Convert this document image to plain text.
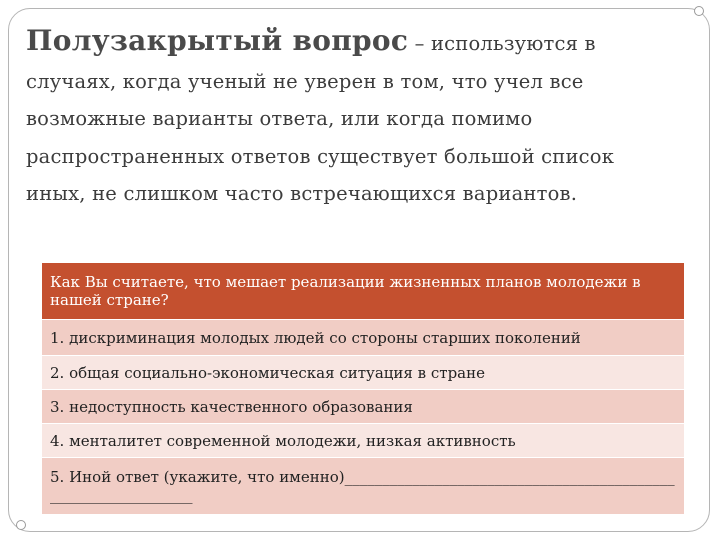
Полузакрытый вопрос – используются в случаях, когда ученый не уверен в том, что учел все возможные варианты ответа, или когда помимо распространенных ответов существует большой список иных, не слишком часто встречающихся вариантов.
Как Вы считаете, что мешает реализации жизненных планов молодежи в нашей стране?
1. дискриминация молодых людей со стороны старших поколений
2. общая социально-экономическая ситуация в стране
3. недоступность качественного образования
4. менталитет современной молодежи, низкая активность
5. Иной ответ (укажите, что именно)_______________________________________________________________
